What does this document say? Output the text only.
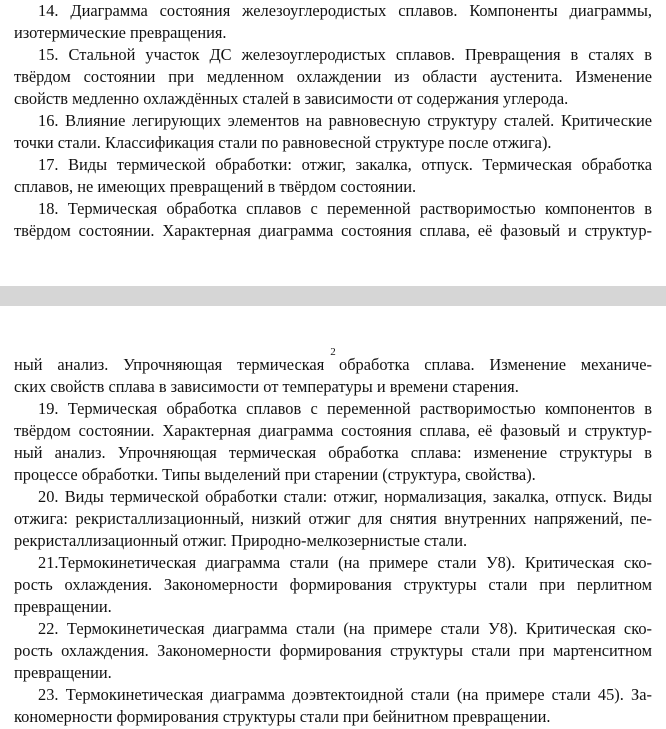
14. Диаграмма состояния железоуглеродистых сплавов. Компоненты диаграммы,
изотермические превращения.
15. Стальной участок ДС железоуглеродистых сплавов. Превращения в сталях в
твёрдом состоянии при медленном охлаждении из области аустенита. Изменение
свойств медленно охлаждённых сталей в зависимости от содержания углерода.
16. Влияние легирующих элементов на равновесную структуру сталей. Критические
точки стали. Классификация стали по равновесной структуре после отжига).
17. Виды термической обработки: отжиг, закалка, отпуск. Термическая обработка
сплавов, не имеющих превращений в твёрдом состоянии.
18. Термическая обработка сплавов с переменной растворимостью компонентов в
твёрдом состоянии. Характерная диаграмма состояния сплава, её фазовый и структур-
2
ный анализ. Упрочняющая термическая обработка сплава. Изменение механиче-
ских свойств сплава в зависимости от температуры и времени старения.
19. Термическая обработка сплавов с переменной растворимостью компонентов в
твёрдом состоянии. Характерная диаграмма состояния сплава, её фазовый и структур-
ный анализ. Упрочняющая термическая обработка сплава: изменение структуры в
процессе обработки. Типы выделений при старении (структура, свойства).
20. Виды термической обработки стали: отжиг, нормализация, закалка, отпуск. Виды
отжига: рекристаллизационный, низкий отжиг для снятия внутренних напряжений, пе-
рекристаллизационный отжиг. Природно-мелкозернистые стали.
21.Термокинетическая диаграмма стали (на примере стали У8). Критическая ско-
рость охлаждения. Закономерности формирования структуры стали при перлитном
превращении.
22. Термокинетическая диаграмма стали (на примере стали У8). Критическая ско-
рость охлаждения. Закономерности формирования структуры стали при мартенситном
превращении.
23. Термокинетическая диаграмма доэвтектоидной стали (на примере стали 45). За-
кономерности формирования структуры стали при бейнитном превращении.
